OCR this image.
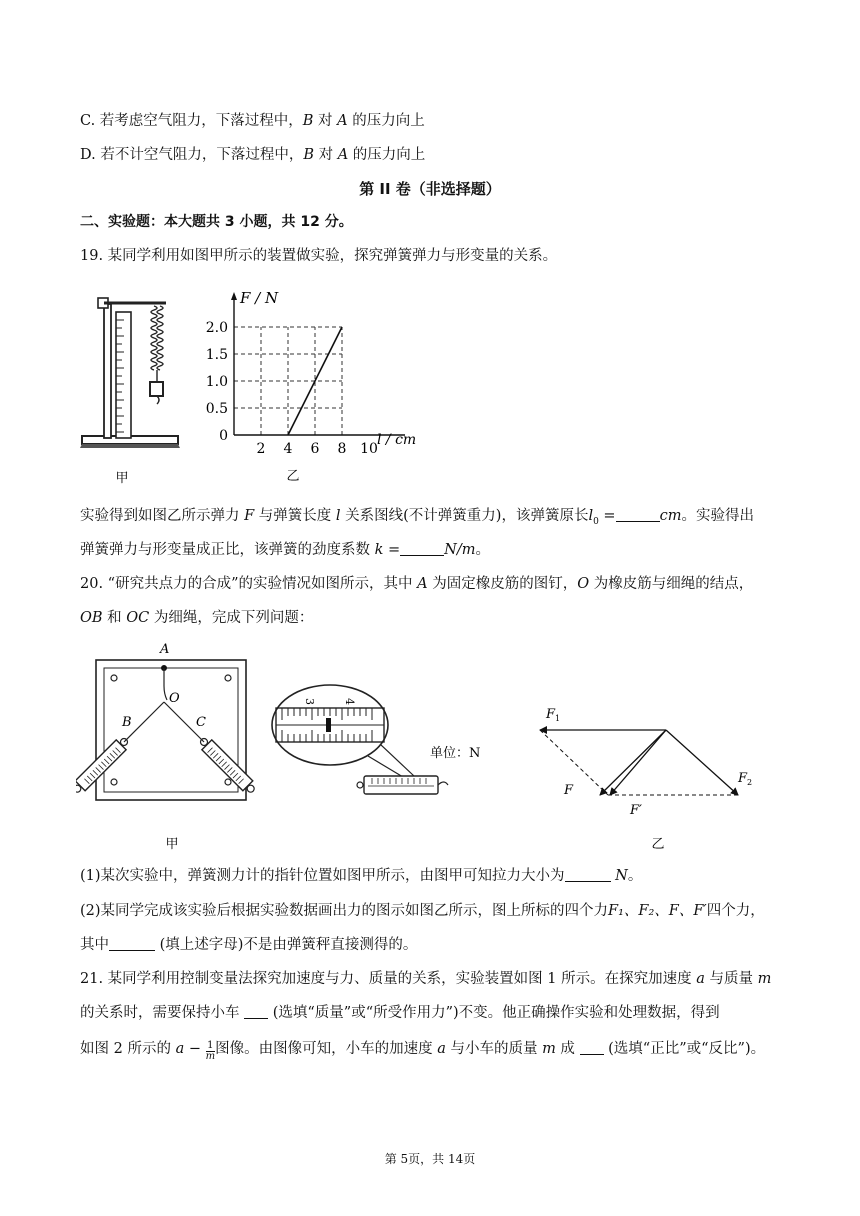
C. 若考虑空气阻力，下落过程中，B 对 A 的压力向上
D. 若不计空气阻力，下落过程中，B 对 A 的压力向上
第 II 卷（非选择题）
二、实验题：本大题共 3 小题，共 12 分。
19. 某同学利用如图甲所示的装置做实验，探究弹簧弹力与形变量的关系。
甲
2.0
1.5
1.0
0.5
0
2 4 6 8 10
F / N
l / cm
乙
实验得到如图乙所示弹力 F 与弹簧长度 l 关系图线(不计弹簧重力)，该弹簧原长$l_0$ =	cm。实验得出
弹簧弹力与形变量成正比，该弹簧的劲度系数 k =	N/m。
20. “研究共点力的合成”的实验情况如图所示，其中 A 为固定橡皮筋的图钉，O 为橡皮筋与细绳的结点，
OB 和 OC 为细绳，完成下列问题：
A
O
B	C
甲
3 4
单位：N
$F_1$
$F_2$
F
F′
乙
(1)某次实验中，弹簧测力计的指针位置如图甲所示，由图甲可知拉力大小为	N。
(2)某同学完成该实验后根据实验数据画出力的图示如图乙所示，图上所标的四个力F₁、F₂、F、F′四个力，
其中	(填上述字母)不是由弹簧秤直接测得的。
21. 某同学利用控制变量法探究加速度与力、质量的关系，实验装置如图 1 所示。在探究加速度 a 与质量 m
的关系时，需要保持小车  (选填“质量”或“所受作用力”)不变。他正确操作实验和处理数据，得到
如图 2 所示的 $a - \frac{1}{m}$ 图像。由图像可知，小车的加速度 a 与小车的质量 m 成  (选填“正比”或“反比”)。
第 5页，共 14页
